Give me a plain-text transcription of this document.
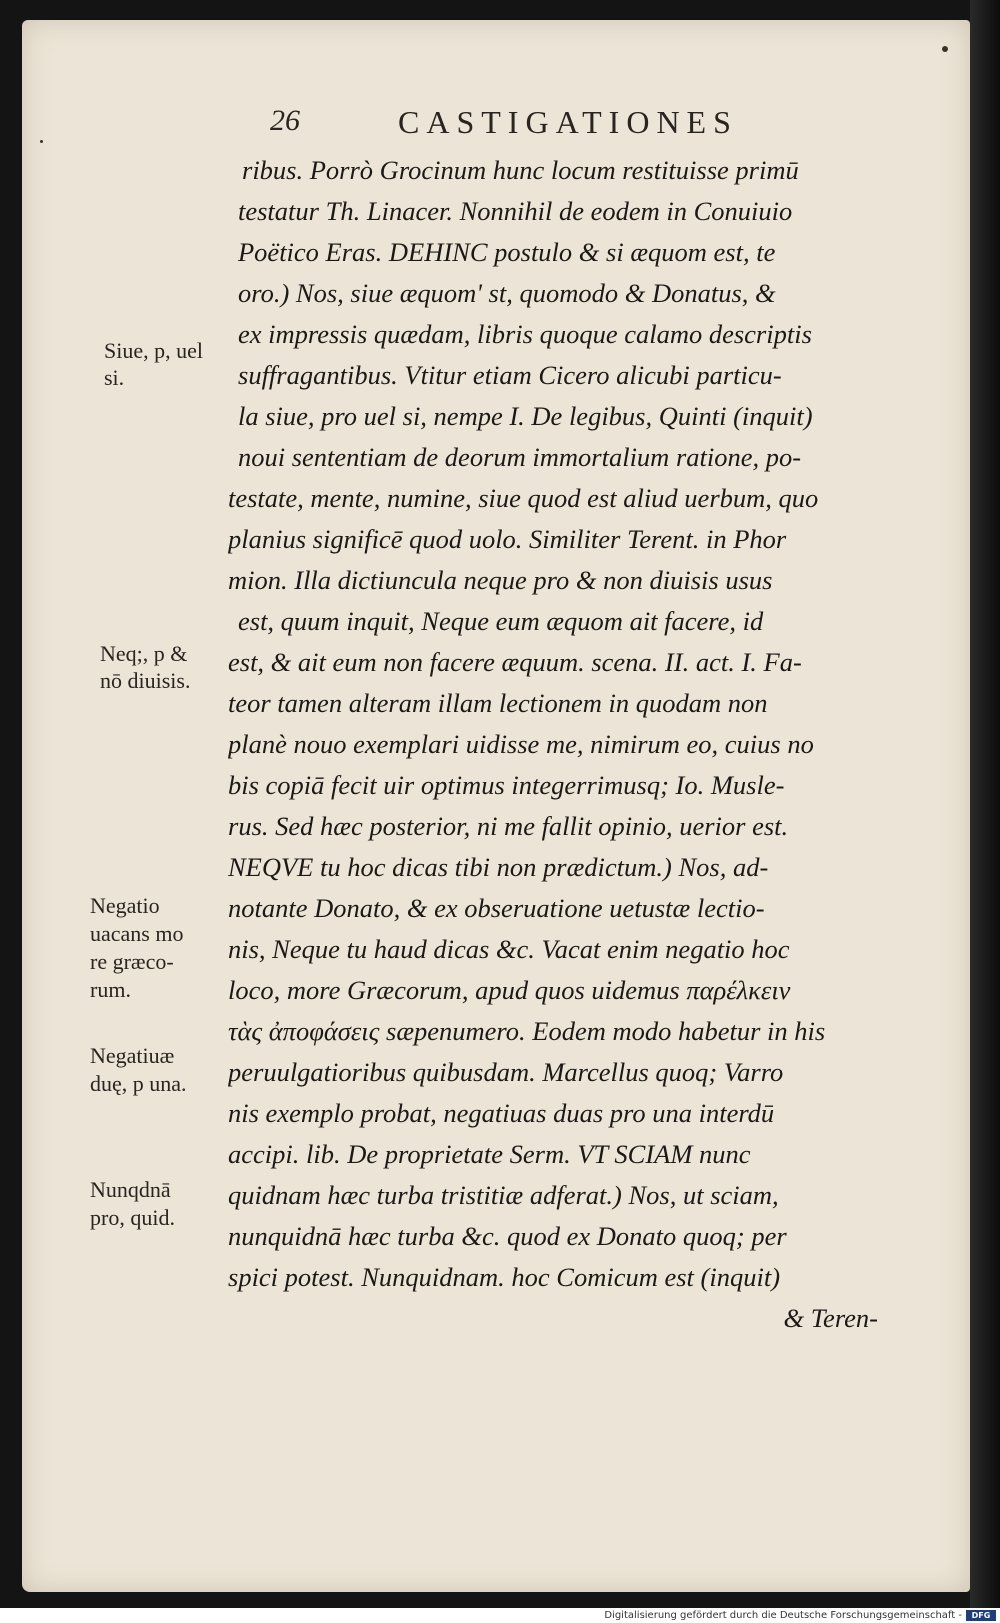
26	CASTIGATIONES
ribus. Porrò Grocinum hunc locum restituisse primū
testatur Th. Linacer. Nonnihil de eodem in Conuiuio
Poëtico Eras. DEHINC postulo & si æquom est, te
oro.) Nos, siue æquom' st, quomodo & Donatus, &
ex impressis quædam, libris quoque calamo descriptis
suffragantibus. Vtitur etiam Cicero alicubi particu-
la siue, pro uel si, nempe I. De legibus, Quinti (inquit)
noui sententiam de deorum immortalium ratione, po-
testate, mente, numine, siue quod est aliud uerbum, quo
planius significē quod uolo. Similiter Terent. in Phor
mion. Illa dictiuncula neque pro & non diuisis usus
est, quum inquit, Neque eum æquom ait facere, id
est, & ait eum non facere æquum. scena. II. act. I. Fa-
teor tamen alteram illam lectionem in quodam non
planè nouo exemplari uidisse me, nimirum eo, cuius no
bis copiā fecit uir optimus integerrimusq; Io. Musle-
rus. Sed hæc posterior, ni me fallit opinio, uerior est.
NEQVE tu hoc dicas tibi non prædictum.) Nos, ad-
notante Donato, & ex obseruatione uetustæ lectio-
nis, Neque tu haud dicas &c. Vacat enim negatio hoc
loco, more Græcorum, apud quos uidemus παρέλκειν
τὰς ἀποφάσεις sæpenumero. Eodem modo habetur in his
peruulgatioribus quibusdam. Marcellus quoq; Varro
nis exemplo probat, negatiuas duas pro una interdū
accipi. lib. De proprietate Serm. VT SCIAM nunc
quidnam hæc turba tristitiæ adferat.) Nos, ut sciam,
nunquidnā hæc turba &c. quod ex Donato quoq; per
spici potest. Nunquidnam. hoc Comicum est (inquit)
& Teren-
Siue, p, uel
si.
Neq;, p &
nō diuisis.
Negatio
uacans mo
re græco-
rum.
Negatiuæ
duę, p una.
Nunqdnā
pro, quid.
Digitalisierung gefördert durch die Deutsche Forschungsgemeinschaft -	DFG
